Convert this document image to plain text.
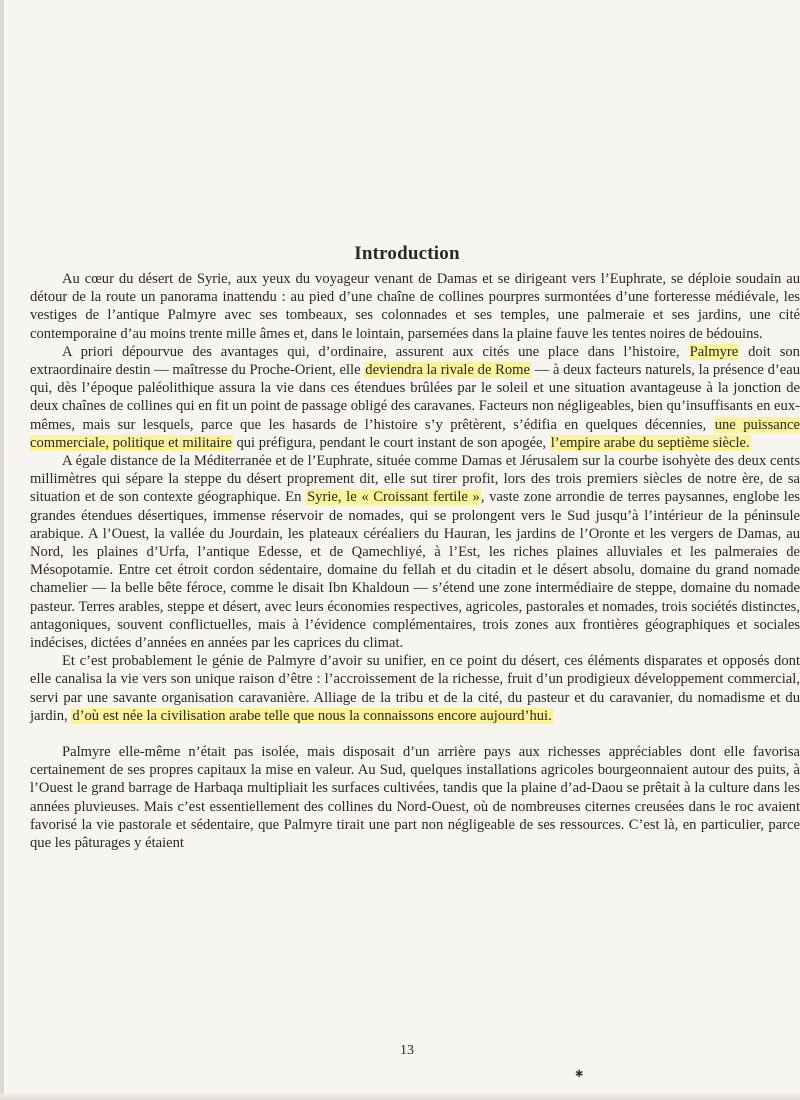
Introduction

Au cœur du désert de Syrie, aux yeux du voyageur venant de Damas et se dirigeant vers l’Euphrate, se déploie soudain au détour de la route un panorama inattendu : au pied d’une chaîne de collines pourpres surmontées d’une forteresse médiévale, les vestiges de l’antique Palmyre avec ses tombeaux, ses colonnades et ses temples, une palmeraie et ses jardins, une cité contemporaine d’au moins trente mille âmes et, dans le lointain, parsemées dans la plaine fauve les tentes noires de bédouins.

A priori dépourvue des avantages qui, d’ordinaire, assurent aux cités une place dans l’histoire, Palmyre doit son extraordinaire destin — maîtresse du Proche-Orient, elle deviendra la rivale de Rome — à deux facteurs naturels, la présence d’eau qui, dès l’époque paléolithique assura la vie dans ces étendues brûlées par le soleil et une situation avantageuse à la jonction de deux chaînes de collines qui en fit un point de passage obligé des caravanes. Facteurs non négligeables, bien qu’insuffisants en eux-mêmes, mais sur lesquels, parce que les hasards de l’histoire s’y prêtèrent, s’édifia en quelques décennies, une puissance commerciale, politique et militaire qui préfigura, pendant le court instant de son apogée, l’empire arabe du septième siècle.

A égale distance de la Méditerranée et de l’Euphrate, située comme Damas et Jérusalem sur la courbe isohyète des deux cents millimètres qui sépare la steppe du désert proprement dit, elle sut tirer profit, lors des trois premiers siècles de notre ère, de sa situation et de son contexte géographique. En Syrie, le « Croissant fertile », vaste zone arrondie de terres paysannes, englobe les grandes étendues désertiques, immense réservoir de nomades, qui se prolongent vers le Sud jusqu’à l’intérieur de la péninsule arabique. A l’Ouest, la vallée du Jourdain, les plateaux céréaliers du Hauran, les jardins de l’Oronte et les vergers de Damas, au Nord, les plaines d’Urfa, l’antique Edesse, et de Qamechliyé, à l’Est, les riches plaines alluviales et les palmeraies de Mésopotamie. Entre cet étroit cordon sédentaire, domaine du fellah et du citadin et le désert absolu, domaine du grand nomade chamelier — la belle bête féroce, comme le disait Ibn Khaldoun — s’étend une zone intermédiaire de steppe, domaine du nomade pasteur. Terres arables, steppe et désert, avec leurs économies respectives, agricoles, pastorales et nomades, trois sociétés distinctes, antagoniques, souvent conflictuelles, mais à l’évidence complémentaires, trois zones aux frontières géographiques et sociales indécises, dictées d’années en années par les caprices du climat.

Et c’est probablement le génie de Palmyre d’avoir su unifier, en ce point du désert, ces éléments disparates et opposés dont elle canalisa la vie vers son unique raison d’être : l’accroissement de la richesse, fruit d’un prodigieux développement commercial, servi par une savante organisation caravanière. Alliage de la tribu et de la cité, du pasteur et du caravanier, du nomadisme et du jardin, d’où est née la civilisation arabe telle que nous la connaissons encore aujourd’hui.

Palmyre elle-même n’était pas isolée, mais disposait d’un arrière pays aux richesses appréciables dont elle favorisa certainement de ses propres capitaux la mise en valeur. Au Sud, quelques installations agricoles bourgeonnaient autour des puits, à l’Ouest le grand barrage de Harbaqa multipliait les surfaces cultivées, tandis que la plaine d’ad-Daou se prêtait à la culture dans les années pluvieuses. Mais c’est essentiellement des collines du Nord-Ouest, où de nombreuses citernes creusées dans le roc avaient favorisé la vie pastorale et sédentaire, que Palmyre tirait une part non négligeable de ses ressources. C’est là, en particulier, parce que les pâturages y étaient

13
✱
